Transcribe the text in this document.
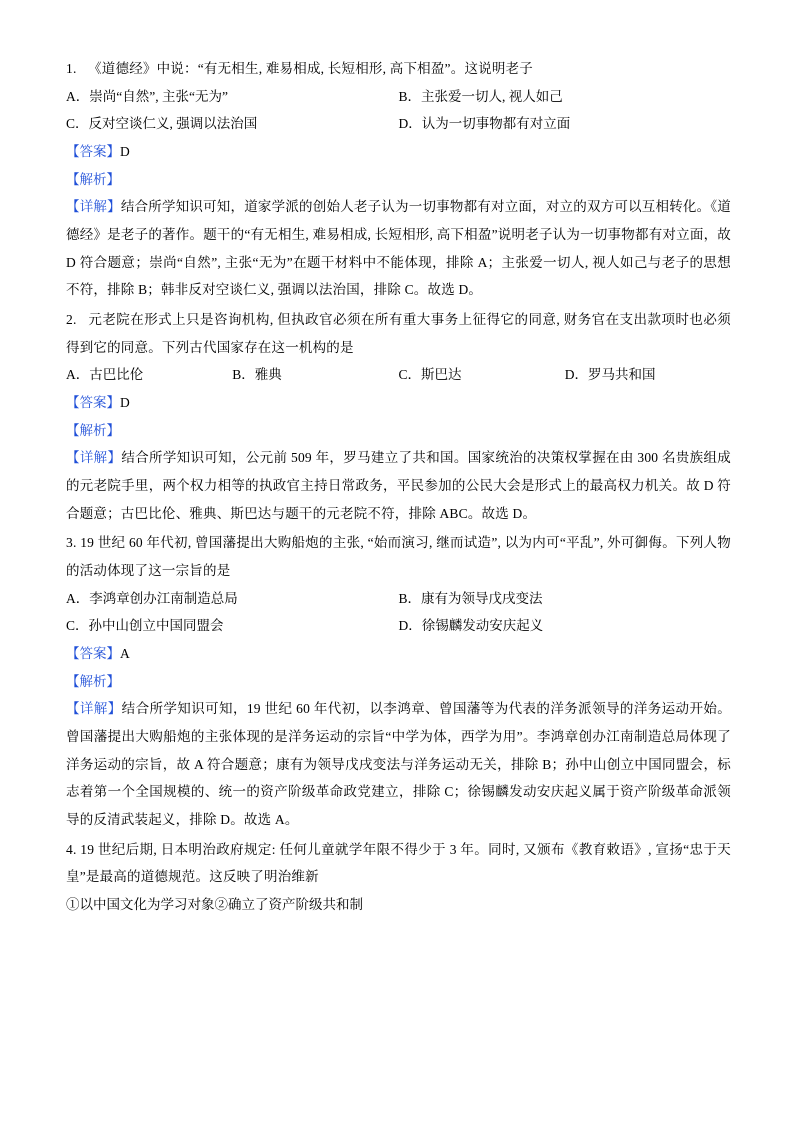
1. 《道德经》中说：“有无相生, 难易相成, 长短相形, 高下相盈”。这说明老子
A．崇尚“自然”, 主张“无为”	B．主张爱一切人, 视人如己
C．反对空谈仁义, 强调以法治国	D．认为一切事物都有对立面
【答案】D
【解析】
【详解】结合所学知识可知，道家学派的创始人老子认为一切事物都有对立面，对立的双方可以互相转化。《道德经》是老子的著作。题干的“有无相生, 难易相成, 长短相形, 高下相盈”说明老子认为一切事物都有对立面，故 D 符合题意；崇尚“自然”, 主张“无为”在题干材料中不能体现，排除 A；主张爱一切人, 视人如己与老子的思想不符，排除 B；韩非反对空谈仁义, 强调以法治国，排除 C。故选 D。
2. 元老院在形式上只是咨询机构, 但执政官必须在所有重大事务上征得它的同意, 财务官在支出款项时也必须得到它的同意。下列古代国家存在这一机构的是
A．古巴比伦	B．雅典	C．斯巴达	D．罗马共和国
【答案】D
【解析】
【详解】结合所学知识可知，公元前 509 年，罗马建立了共和国。国家统治的决策权掌握在由 300 名贵族组成的元老院手里，两个权力相等的执政官主持日常政务，平民参加的公民大会是形式上的最高权力机关。故 D 符合题意；古巴比伦、雅典、斯巴达与题干的元老院不符，排除 ABC。故选 D。
3. 19 世纪 60 年代初, 曾国藩提出大购船炮的主张, “始而演习, 继而试造”, 以为内可“平乱”, 外可御侮。下列人物的活动体现了这一宗旨的是
A．李鸿章创办江南制造总局	B．康有为领导戊戌变法
C．孙中山创立中国同盟会	D．徐锡麟发动安庆起义
【答案】A
【解析】
【详解】结合所学知识可知，19 世纪 60 年代初，以李鸿章、曾国藩等为代表的洋务派领导的洋务运动开始。曾国藩提出大购船炮的主张体现的是洋务运动的宗旨“中学为体，西学为用”。李鸿章创办江南制造总局体现了洋务运动的宗旨，故 A 符合题意；康有为领导戊戌变法与洋务运动无关，排除 B；孙中山创立中国同盟会，标志着第一个全国规模的、统一的资产阶级革命政党建立，排除 C；徐锡麟发动安庆起义属于资产阶级革命派领导的反清武装起义，排除 D。故选 A。
4. 19 世纪后期, 日本明治政府规定: 任何儿童就学年限不得少于 3 年。同时, 又颁布《教育敕语》, 宣扬“忠于天皇”是最高的道德规范。这反映了明治维新
①以中国文化为学习对象②确立了资产阶级共和制
